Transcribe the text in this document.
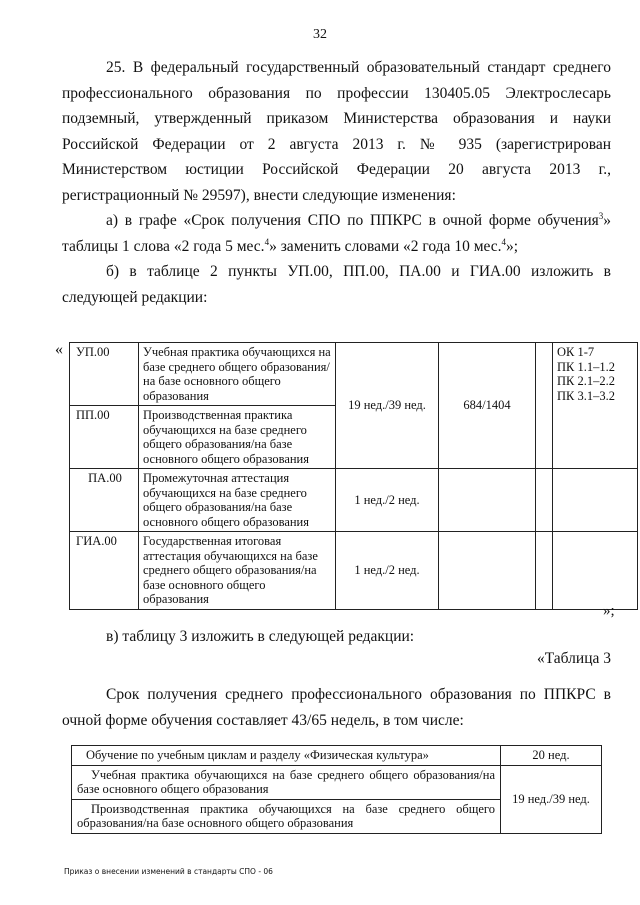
32
25. В федеральный государственный образовательный стандарт среднего профессионального образования по профессии 130405.05 Электрослесарь подземный, утвержденный приказом Министерства образования и науки Российской Федерации от 2 августа 2013 г. № 935 (зарегистрирован Министерством юстиции Российской Федерации 20 августа 2013 г., регистрационный № 29597), внести следующие изменения:
а) в графе «Срок получения СПО по ППКРС в очной форме обучения$^3$» таблицы 1 слова «2 года 5 мес.$^4$» заменить словами «2 года 10 мес.$^4$»;
б) в таблице 2 пункты УП.00, ПП.00, ПА.00 и ГИА.00 изложить в следующей редакции:
« УП.00	Учебная практика обучающихся на базе среднего общего образования/на базе основного общего образования	19 нед./39 нед.	684/1404		ОК 1-7
ПК 1.1–1.2
ПК 2.1–2.2
ПК 3.1–3.2

ПП.00	Производственная практика обучающихся на базе среднего общего образования/на базе основного общего образования				
ПА.00	Промежуточная аттестация обучающихся на базе среднего общего образования/на базе основного общего образования	1 нед./2 нед.			
ГИА.00	Государственная итоговая аттестация обучающихся на базе среднего общего образования/на базе основного общего образования	1 нед./2 нед.			
»;
в) таблицу 3 изложить в следующей редакции:
«Таблица 3
Срок получения среднего профессионального образования по ППКРС в очной форме обучения составляет 43/65 недель, в том числе:
Обучение по учебным циклам и разделу «Физическая культура»	20 нед.
Учебная практика обучающихся на базе среднего общего образования/на базе основного общего образования	19 нед./39 нед.
Производственная практика обучающихся на базе среднего общего образования/на базе основного общего образования	
Приказ о внесении изменений в стандарты СПО - 06
